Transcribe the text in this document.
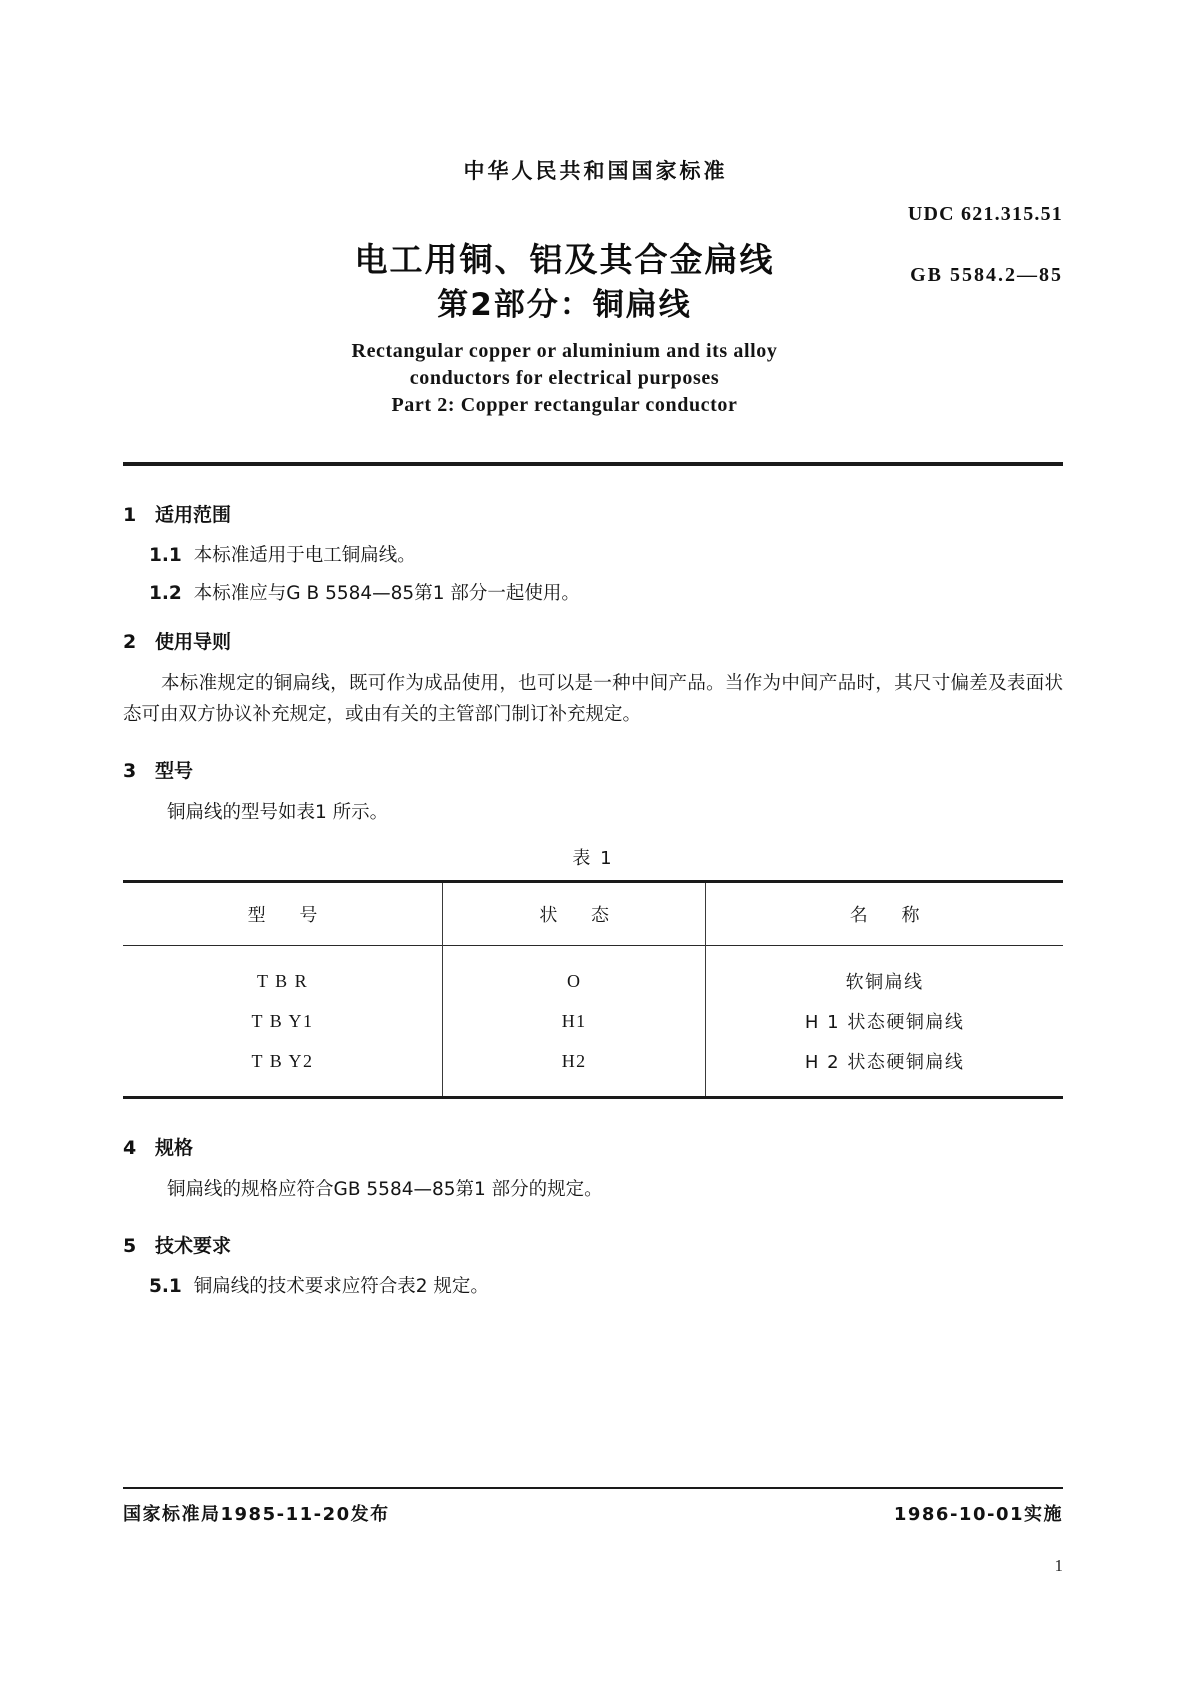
中华人民共和国国家标准
UDC 621.315.51
GB 5584.2—85
电工用铜、铝及其合金扁线
第2部分：铜扁线
Rectangular copper or aluminium and its alloy
conductors for electrical purposes
Part 2: Copper rectangular conductor
1 适用范围
1.1 本标准适用于电工铜扁线。
1.2 本标准应与G B 5584—85第1 部分一起使用。
2 使用导则
本标准规定的铜扁线，既可作为成品使用，也可以是一种中间产品。当作为中间产品时，其尺寸偏差及表面状态可由双方协议补充规定，或由有关的主管部门制订补充规定。
3 型号
铜扁线的型号如表1 所示。
表 1
型 号	状 态	名 称
T B R	O	软铜扁线
T B Y1	H1	H 1 状态硬铜扁线
T B Y2	H2	H 2 状态硬铜扁线
4 规格
铜扁线的规格应符合GB 5584—85第1 部分的规定。
5 技术要求
5.1 铜扁线的技术要求应符合表2 规定。
国家标准局1985-11-20发布	1986-10-01实施
1
